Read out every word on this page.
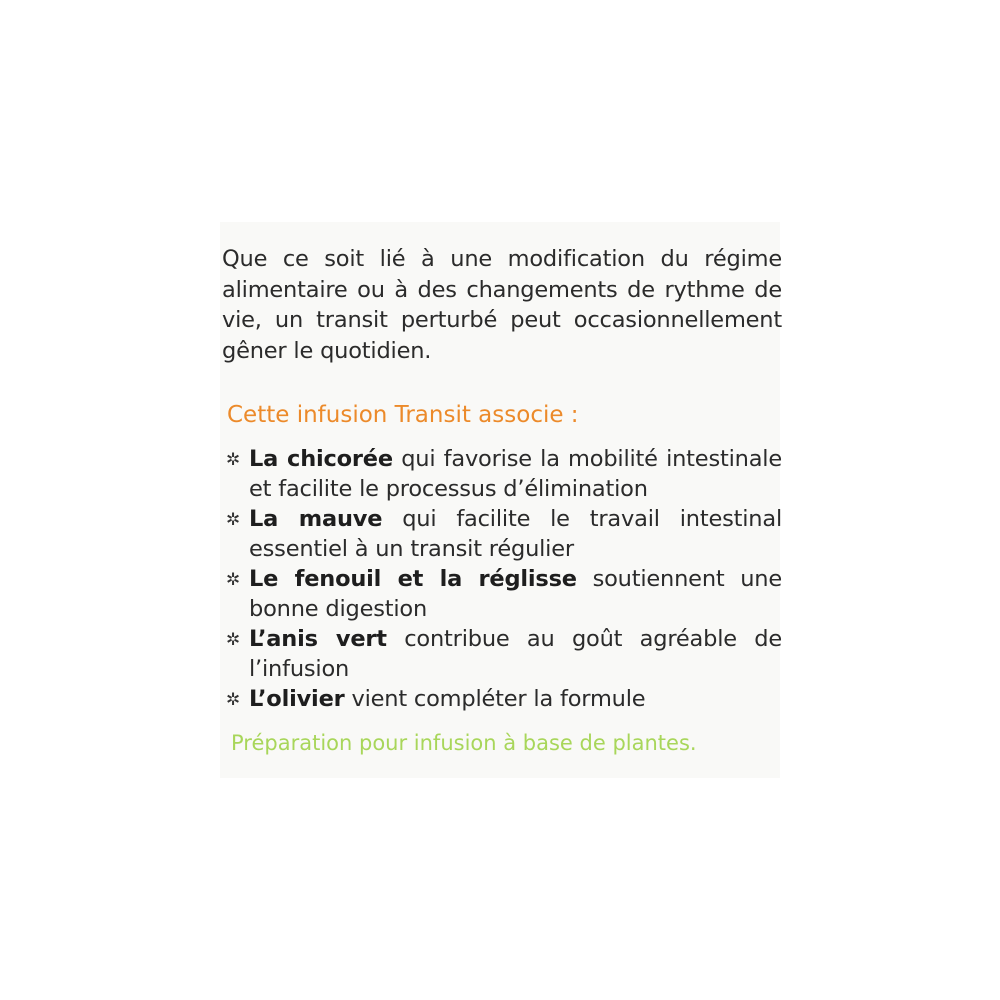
Que ce soit lié à une modification du régime alimentaire ou à des changements de rythme de vie, un transit perturbé peut occasionnellement gêner le quotidien.

Cette infusion Transit associe :
✲ La chicorée qui favorise la mobilité intestinale et facilite le processus d’élimination
✲ La mauve qui facilite le travail intestinal essentiel à un transit régulier
✲ Le fenouil et la réglisse soutiennent une bonne digestion
✲ L’anis vert contribue au goût agréable de l’infusion
✲ L’olivier vient compléter la formule
Préparation pour infusion à base de plantes.
